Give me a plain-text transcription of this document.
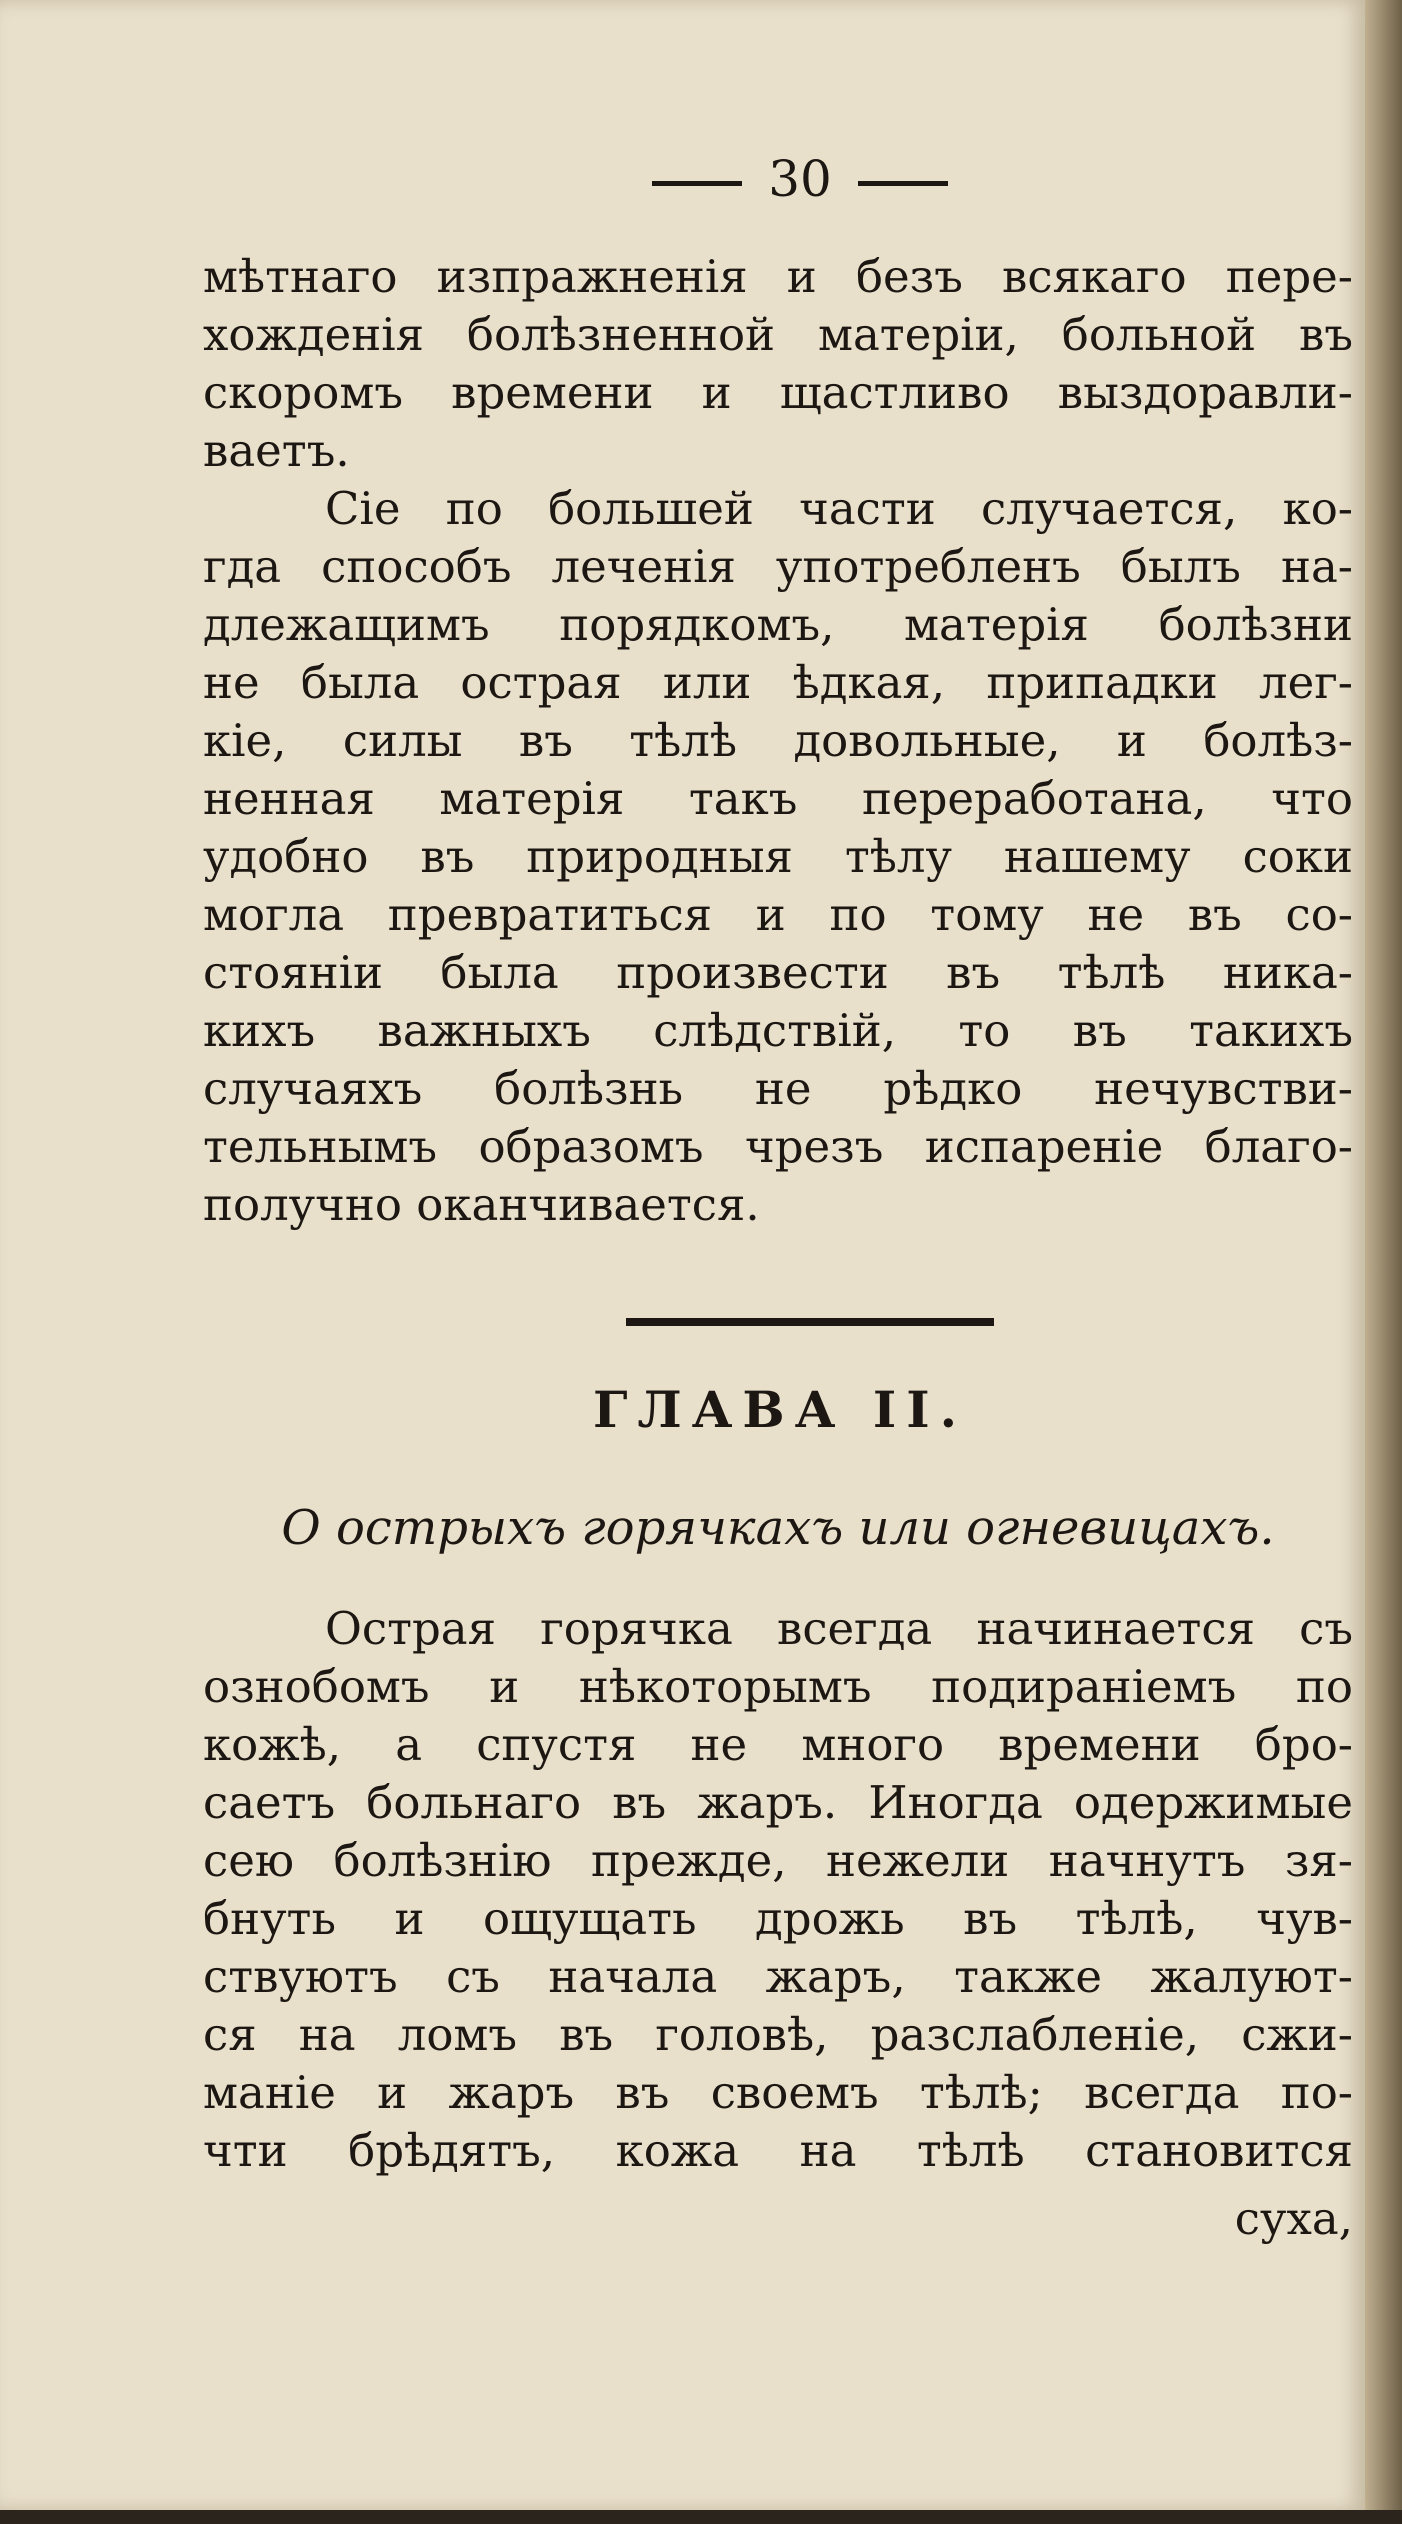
30
мѣтнаго изпражненія и безъ всякаго пере-
хожденія болѣзненной матеріи, больной въ
скоромъ времени и щастливо выздоравли-
ваетъ.
Сіе по большей части случается, ко-
гда способъ леченія употребленъ былъ на-
длежащимъ порядкомъ, матерія болѣзни
не была острая или ѣдкая, припадки лег-
кіе, силы въ тѣлѣ довольные, и болѣз-
ненная матерія такъ переработана, что
удобно въ природныя тѣлу нашему соки
могла превратиться и по тому не въ со-
стояніи была произвести въ тѣлѣ ника-
кихъ важныхъ слѣдствій, то въ такихъ
случаяхъ болѣзнь не рѣдко нечувстви-
тельнымъ образомъ чрезъ испареніе благо-
получно оканчивается.
ГЛАВА II.
О острыхъ горячкахъ или огневицахъ.
Острая горячка всегда начинается съ
ознобомъ и нѣкоторымъ подираніемъ по
кожѣ, а спустя не много времени бро-
саетъ больнаго въ жаръ. Иногда одержимые
сею болѣзнію прежде, нежели начнутъ зя-
бнуть и ощущать дрожь въ тѣлѣ, чув-
ствуютъ съ начала жаръ, также жалуют-
ся на ломъ въ головѣ, разслабленіе, сжи-
маніе и жаръ въ своемъ тѣлѣ; всегда по-
чти брѣдятъ, кожа на тѣлѣ становится
суха,
